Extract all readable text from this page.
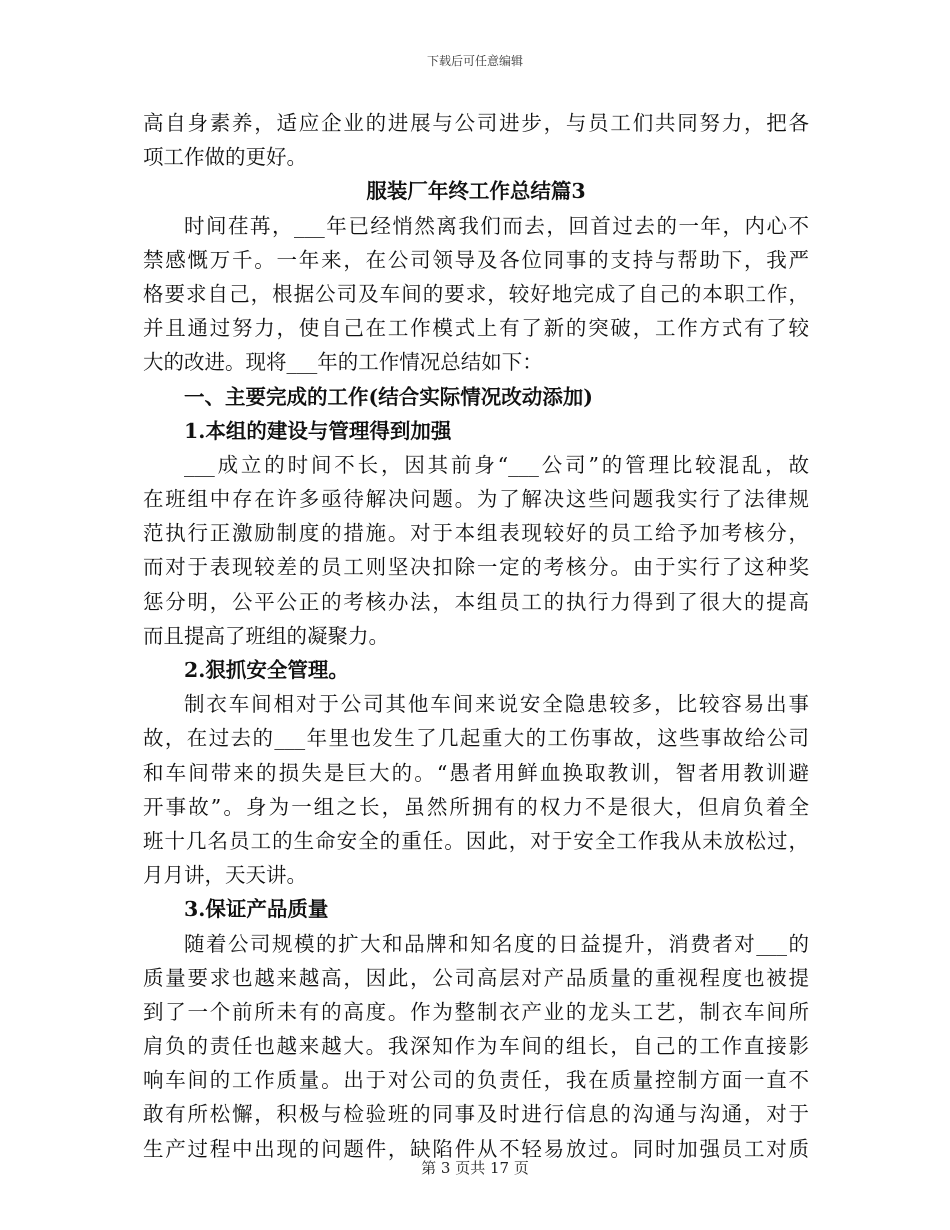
下载后可任意编辑
高自身素养，适应企业的进展与公司进步，与员工们共同努力，把各
项工作做的更好。
服装厂年终工作总结篇3
时间荏苒，___年已经悄然离我们而去，回首过去的一年，内心不
禁感慨万千。一年来，在公司领导及各位同事的支持与帮助下，我严
格要求自己，根据公司及车间的要求，较好地完成了自己的本职工作，
并且通过努力，使自己在工作模式上有了新的突破，工作方式有了较
大的改进。现将___年的工作情况总结如下：
一、主要完成的工作(结合实际情况改动添加)
1.本组的建设与管理得到加强
___成立的时间不长，因其前身“___公司”的管理比较混乱，故
在班组中存在许多亟待解决问题。为了解决这些问题我实行了法律规
范执行正激励制度的措施。对于本组表现较好的员工给予加考核分，
而对于表现较差的员工则坚决扣除一定的考核分。由于实行了这种奖
惩分明，公平公正的考核办法，本组员工的执行力得到了很大的提高
而且提高了班组的凝聚力。
2.狠抓安全管理。
制衣车间相对于公司其他车间来说安全隐患较多，比较容易出事
故，在过去的___年里也发生了几起重大的工伤事故，这些事故给公司
和车间带来的损失是巨大的。“愚者用鲜血换取教训，智者用教训避
开事故”。身为一组之长，虽然所拥有的权力不是很大，但肩负着全
班十几名员工的生命安全的重任。因此，对于安全工作我从未放松过，
月月讲，天天讲。
3.保证产品质量
随着公司规模的扩大和品牌和知名度的日益提升，消费者对___的
质量要求也越来越高，因此，公司高层对产品质量的重视程度也被提
到了一个前所未有的高度。作为整制衣产业的龙头工艺，制衣车间所
肩负的责任也越来越大。我深知作为车间的组长，自己的工作直接影
响车间的工作质量。出于对公司的负责任，我在质量控制方面一直不
敢有所松懈，积极与检验班的同事及时进行信息的沟通与沟通，对于
生产过程中出现的问题件，缺陷件从不轻易放过。同时加强员工对质
第 3 页共 17 页
